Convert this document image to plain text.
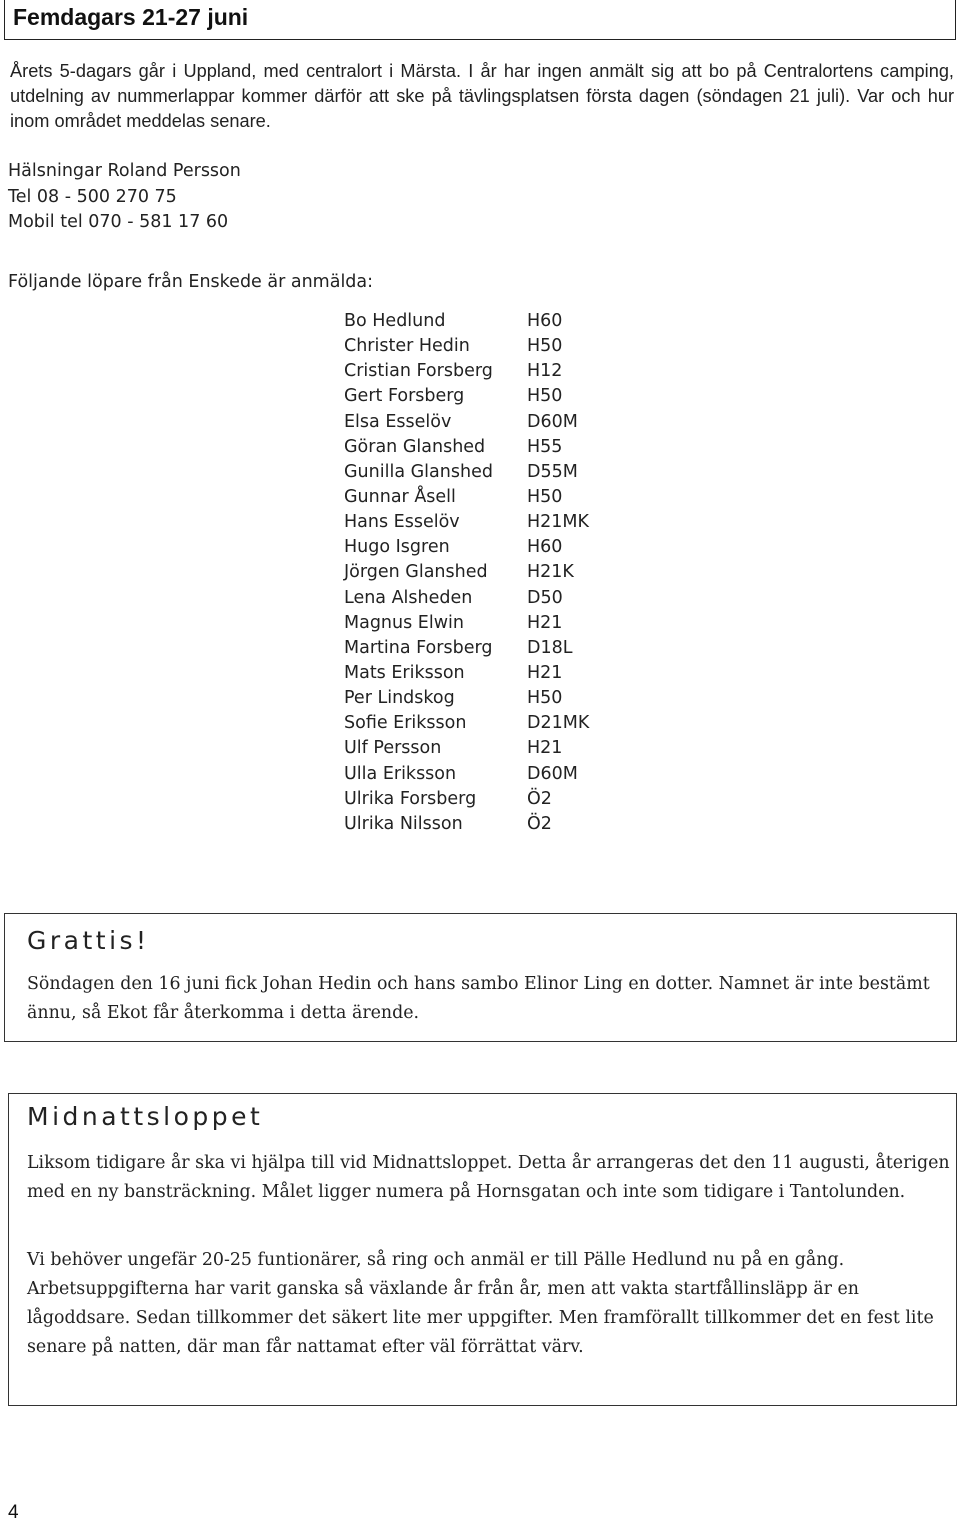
Femdagars 21-27 juni

Årets 5-dagars går i Uppland, med centralort i Märsta. I år har ingen anmält sig att bo på Centralortens camping, utdelning av nummerlappar kommer därför att ske på tävlingsplatsen första dagen (söndagen 21 juli). Var och hur inom området meddelas senare.

Hälsningar Roland Persson
Tel 08 - 500 270 75
Mobil tel 070 - 581 17 60
Följande löpare från Enskede är anmälda:
Bo Hedlund	H60
Christer Hedin	H50
Cristian Forsberg H12
Gert Forsberg	H50
Elsa Esselöv	D60M
Göran Glanshed H55
Gunilla Glanshed D55M
Gunnar Åsell	H50
Hans Esselöv	H21MK
Hugo Isgren	H60
Jörgen Glanshed H21K
Lena Alsheden	D50
Magnus Elwin	H21
Martina Forsberg D18L
Mats Eriksson	H21
Per Lindskog	H50
Sofie Eriksson	D21MK
Ulf Persson	H21
Ulla Eriksson	D60M
Ulrika Forsberg	Ö2
Ulrika Nilsson	Ö2
Grattis!
Söndagen den 16 juni fick Johan Hedin och hans sambo Elinor Ling en dotter. Namnet är inte bestämt ännu, så Ekot får återkomma i detta ärende.
Midnattsloppet

Liksom tidigare år ska vi hjälpa till vid Midnattsloppet. Detta år arrangeras det den 11 augusti, återigen med en ny bansträckning. Målet ligger numera på Hornsgatan och inte som tidigare i Tantolunden.

Vi behöver ungefär 20-25 funtionärer, så ring och anmäl er till Pälle Hedlund nu på en gång. Arbetsuppgifterna har varit ganska så växlande år från år, men att vakta startfållinsläpp är en lågoddsare. Sedan tillkommer det säkert lite mer uppgifter. Men framförallt tillkommer det en fest lite senare på natten, där man får nattamat efter väl förrättat värv.

4
